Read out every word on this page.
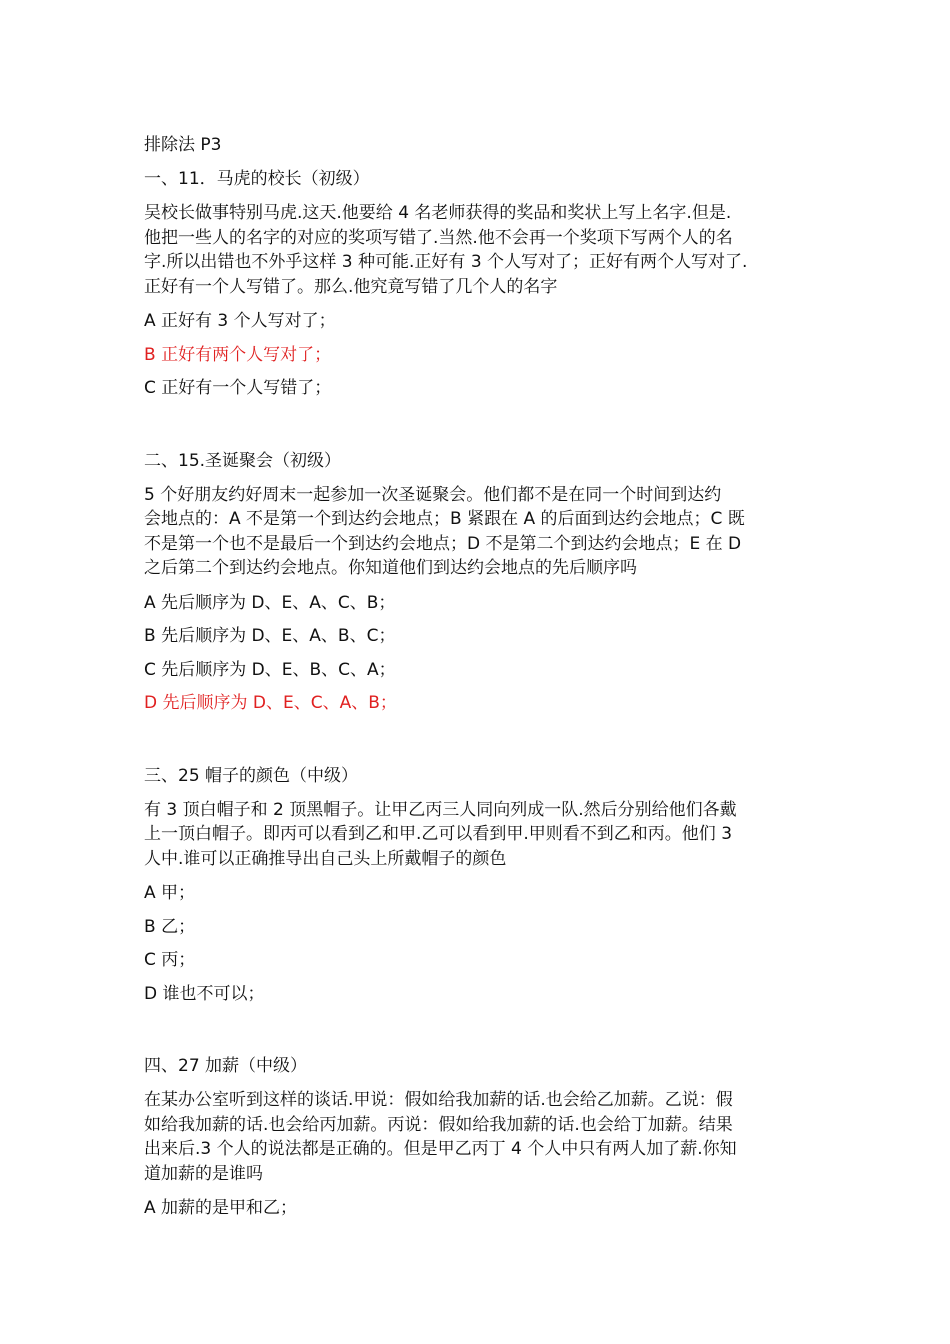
排除法 P3
一、11．马虎的校长（初级）
吴校长做事特别马虎.这天.他要给 4 名老师获得的奖品和奖状上写上名字.但是.
他把一些人的名字的对应的奖项写错了.当然.他不会再一个奖项下写两个人的名
字.所以出错也不外乎这样 3 种可能.正好有 3 个人写对了；正好有两个人写对了.
正好有一个人写错了。那么.他究竟写错了几个人的名字
A 正好有 3 个人写对了；
B 正好有两个人写对了；
C 正好有一个人写错了；
二、15.圣诞聚会（初级）
5 个好朋友约好周末一起参加一次圣诞聚会。他们都不是在同一个时间到达约
会地点的：A 不是第一个到达约会地点；B 紧跟在 A 的后面到达约会地点；C 既
不是第一个也不是最后一个到达约会地点；D 不是第二个到达约会地点；E 在 D
之后第二个到达约会地点。你知道他们到达约会地点的先后顺序吗
A 先后顺序为 D、E、A、C、B；
B 先后顺序为 D、E、A、B、C；
C 先后顺序为 D、E、B、C、A；
D 先后顺序为 D、E、C、A、B；
三、25 帽子的颜色（中级）
有 3 顶白帽子和 2 顶黑帽子。让甲乙丙三人同向列成一队.然后分别给他们各戴
上一顶白帽子。即丙可以看到乙和甲.乙可以看到甲.甲则看不到乙和丙。他们 3
人中.谁可以正确推导出自己头上所戴帽子的颜色
A 甲；
B 乙；
C 丙；
D 谁也不可以；
四、27 加薪（中级）
在某办公室听到这样的谈话.甲说：假如给我加薪的话.也会给乙加薪。乙说：假
如给我加薪的话.也会给丙加薪。丙说：假如给我加薪的话.也会给丁加薪。结果
出来后.3 个人的说法都是正确的。但是甲乙丙丁 4 个人中只有两人加了薪.你知
道加薪的是谁吗
A 加薪的是甲和乙；
